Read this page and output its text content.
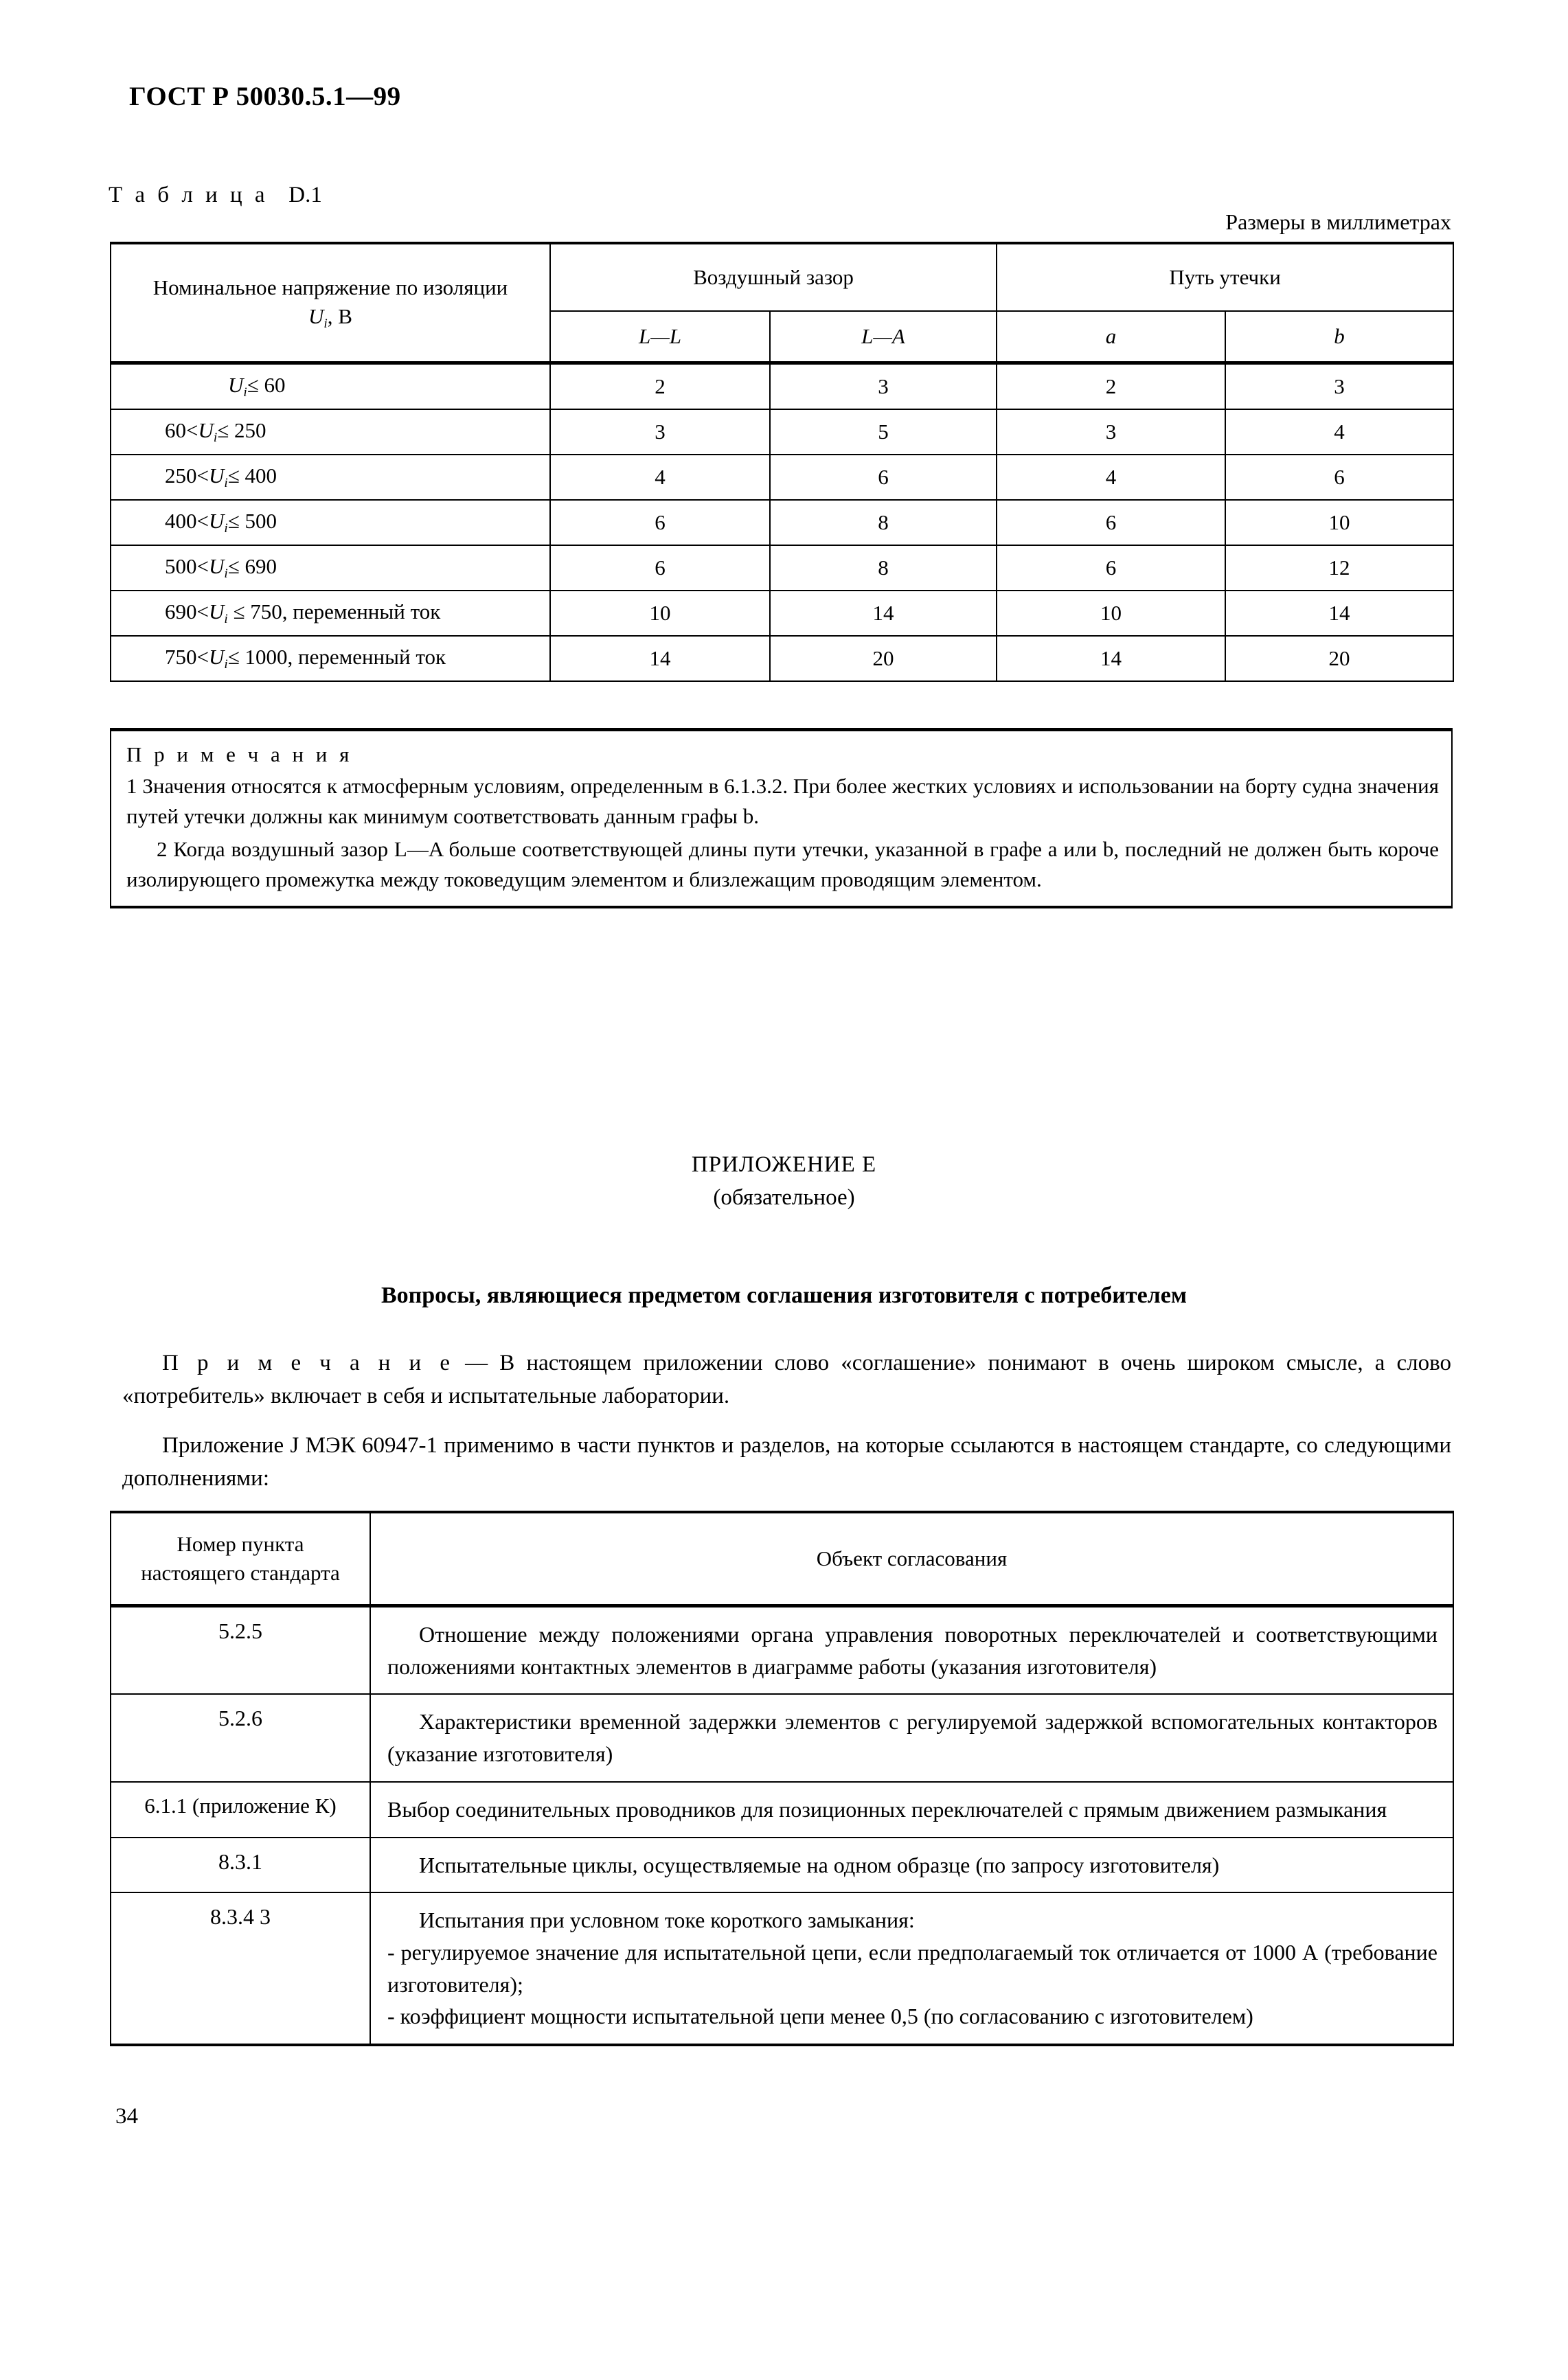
ГОСТ Р 50030.5.1—99
Т а б л и ц а D.1
Размеры в миллиметрах
Номинальное напряжение по изоляции
$U_i$, В	Воздушный зазор		Путь утечки	
	L—L	L—A	a	b
$U_i\le 60$	2	3	2	3
$60<U_i\le 250$	3	5	3	4
$250<U_i\le 400$	4	6	4	6
$400<U_i\le 500$	6	8	6	10
$500<U_i\le 690$	6	8	6	12
$690<U_i \le 750$, переменный ток	10	14	10	14
$750<U_i\le 1000$, переменный ток	14	20	14	20
П р и м е ч а н и я

1 Значения относятся к атмосферным условиям, определенным в 6.1.3.2. При более жестких условиях и использовании на борту судна значения путей утечки должны как минимум соответствовать данным графы b.

2 Когда воздушный зазор L—A больше соответствующей длины пути утечки, указанной в графе a или b, последний не должен быть короче изолирующего промежутка между токоведущим элементом и близлежащим проводящим элементом.

ПРИЛОЖЕНИЕ Е
(обязательное)
Вопросы, являющиеся предметом соглашения изготовителя с потребителем
П р и м е ч а н и е — В настоящем приложении слово «соглашение» понимают в очень широком смысле, а слово «потребитель» включает в себя и испытательные лаборатории.
Приложение J МЭК 60947-1 применимо в части пунктов и разделов, на которые ссылаются в настоящем стандарте, со следующими дополнениями:
Номер пункта
настоящего стандарта	Объект согласования
5.2.5	Отношение между положениями органа управления поворотных переключателей и соответствующими положениями контактных элементов в диаграмме работы (указания изготовителя)

5.2.6	Характеристики временной задержки элементов с регулируемой задержкой вспомогательных контакторов (указание изготовителя)

6.1.1 (приложение К)	Выбор соединительных проводников для позиционных переключателей с прямым движением размыкания

8.3.1	Испытательные циклы, осуществляемые на одном образце (по запросу изготовителя)

8.3.4 3	Испытания при условном токе короткого замыкания:

- регулируемое значение для испытательной цепи, если предполагаемый ток отличается от 1000 А (требование изготовителя);

- коэффициент мощности испытательной цепи менее 0,5 (по согласованию с изготовителем)

34
